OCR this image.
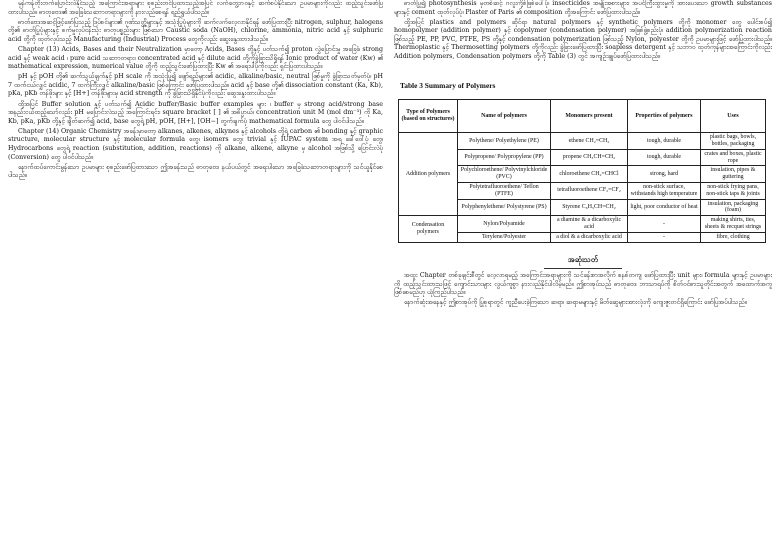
မှန်ကန်တိုးတက်ပြောင်းလဲနိုင်သည့် အကြောင်းအရာများ စုစည်းတင်ပြထားသည့်အပြင် လက်တွေ့ဘဝနှင့် ဆက်စပ်နိုင်သော ဥပမာများကိုလည်း ထည့်သွင်းဖော်ပြထားပါသည်။ ဓာတုဗေဒ၏ အခြေခံသဘောတရားများကို နားလည်စေရန် ရည်ရွယ်ပါသည်။

ဓာတ်ဗေဒအဆင့်ဖြင့်ဖော်ပြသည့် ဒြပ်စင်များ၏ ဂုဏ်သတ္တိများနှင့် အသုံးပြုပုံများကို ဆက်လက်လေ့လာနိုင်ရန် ဖော်ပြထားပြီး nitrogen, sulphur, halogens တို့၏ ဓာတ်ပြုပုံများနှင့် စက်မှုလုပ်ငန်းသုံး ဓာတုပစ္စည်းများ ဖြစ်သော Caustic soda (NaOH), chlorine, ammonia, nitric acid နှင့် sulphuric acid တို့ကို ထုတ်လုပ်သည့် Manufacturing (Industrial) Process တွေကိုလည်း ဆွေးနွေးထားပါသည်။

Chapter (13) Acids, Bases and their Neutralization မှာတော့ Acids, Bases တို့နှင့် ပတ်သက်၍ proton လွှဲပြောင်းမှု အခြေခံ strong acid နှင့် weak acid ၊ pure acid သဘောတရား၊ concentrated acid နှင့် dilute acid တို့ကိုခွဲခြားသိရှိရန် Ionic product of water (Kw) ၏ mathematical expression, numerical value တို့ကို ထည့်သွင်းဖော်ပြထားပြီး Kw ၏ အရေးပါပုံကိုလည်း ရှင်းပြထားပါသည်။

pH နှင့် pOH တို့၏ ဆက်သွယ်ချက်နှင့် pH scale ကို အသုံးပြု၍ ဖျော်ရည်များ၏ acidic, alkaline/basic, neutral ဖြစ်မှုကို ခွဲခြားသတ်မှတ်ပုံ၊ pH 7 ထက်ငယ်လျှင် acidic, 7 ထက်ကြီးလျှင် alkaline/basic ဖြစ်ကြောင်း ဖော်ပြထားပါသည်။ acid နှင့် base တို့၏ dissociation constant (Ka, Kb), pKa, pKb တန်ဖိုးများ နှင့် [H+] တန်ဖိုးများမှ acid strength ကို ခွဲခြားသိရှိနိုင်ပုံကိုလည်း ဆွေးနွေးထားပါသည်။

ထို့အပြင် Buffer solution နှင့် ပတ်သက်၍ Acidic buffer/Basic buffer examples များ ၊ buffer မှ strong acid/strong base အနည်းငယ်ထည့်သော်လည်း pH မပြောင်းလဲသည့် အကြောင်းရင်း၊ square bracket [ ] ၏ အဓိပ္ပာယ်၊ concentration unit M (mol dm⁻³) ကို Ka, Kb, pKa, pKb တို့နှင့် ချိတ်ဆက်၍ acid, base တွေရဲ့ pH, pOH, [H+], [OH−] တွက်ချက်ပုံ mathematical formula တွေ ပါဝင်ပါသည်။

Chapter (14) Organic Chemistry အခန်းမှာတော့ alkanes, alkenes, alkynes နှင့် alcohols တို့ရဲ့ carbon ၏ bonding နှင့် graphic structure, molecular structure နှင့် molecular formula တွေ၊ isomers တွေ၊ trivial နှင့် IUPAC system အရ ခေါ်ဝေါ်ပုံ တွေ၊ Hydrocarbons တွေရဲ့ reaction (substitution, addition, reactions) ကို alkane, alkene, alkyne မှ alcohol အဖြစ်သို့ ပြောင်းလဲပုံ (Conversion) တွေ ပါဝင်ပါသည်။

နောက်ထပ်ကောင်းမွန်သော ဥပမာများ စုစည်းဖော်ပြထားသော ဤအခန်းသည် ဓာတုဗေဒ နယ်ပယ်တွင် အရေးပါသော အခြေခံသဘောတရားများကို သင်ယူနိုင်စေပါသည်။

ဓာတ်ပြု၍ photosynthesis မှတစ်ဆင့် ဂလူးကို့စ်ဖြစ်ပေါ်ပုံ၊ insecticides အမျိုးအစားများ၊ အပင်ကြီးထွားမှုကို အားပေးသော growth substances များနှင့် cement ထုတ်လုပ်ပုံ၊ Plaster of Paris ၏ composition တို့အကြောင်း ဖော်ပြထားပါသည်။

ထို့အပြင် plastics and polymers ဆိုင်ရာ natural polymers နှင့် synthetic polymers တို့ကို monomer တွေ ပေါင်းစပ်၍ homopolymer (addition polymer) နှင့် copolymer (condensation polymer) အဖြစ်ဖွဲ့စည်းပုံ၊ addition polymerization reaction ဖြစ်သည့် PE, PP, PVC, PTFE, PS တို့နှင့် condensation polymerization ဖြစ်သည့် Nylon, polyester တို့ကို ဥပမာများဖြင့် ဖော်ပြထားပါသည်။ Thermoplastic နှင့် Thermosetting polymers တို့ကိုလည်း ခွဲခြားဖော်ပြထားပြီး soapless detergent နှင့် သဘာဝ ထုတ်ကုန်များအကြောင်းကိုလည်း Addition polymers, Condensation polymers တို့ကို Table (3) တွင် အကျဉ်းချုပ်ဖော်ပြထားပါသည်။

Table 3 Summary of Polymers
Type of Polymers (based on structures)	Name of polymers	Monomers present	Properties of polymers	Uses
Addition polymers	Polythene/ Polyethylene (PE)	ethene CH₂=CH₂	tough, durable	plastic bags, bowls, bottles, packaging
	Polypropene/ Polypropylene (PP)	propene CH₃CH=CH₂	tough, durable	crates and boxes, plastic rope
	Polychloroethene/ Polyvinylchloride (PVC)	chloroethene CH₂=CHCl	strong, hard	insulation, pipes & guttering
	Polytetrafluoroethene/ Teflon (PTFE)	tetrafluoroethene CF₂=CF₂	non-stick surface, withstands high temperature	non-stick frying pans, non-stick taps & joints
	Polyphenylethene/ Polystyrene (PS)	Styrene C₆H₅CH=CH₂	light, poor conductor of heat	insulation, packaging (foam)
Condensation polymers	Nylon/Polyamide	a diamine & a dicarboxylic acid	-	making shirts, ties, sheets & recquet strings
	Terylene/Polyester	a diol & a dicarboxylic acid	-	fibre, clothing
အဆုံးသတ်

အထူး Chapter တစ်ခုချင်းစီတွင် လေ့လာရမည့် အကြောင်းအရာများကို သင်ခန်းစာအလိုက် စနစ်တကျ ဖော်ပြထားပြီး unit များ၊ formula များနှင့် ဥပမာများကို ထည့်သွင်းထားသဖြင့် ကျောင်းသားများ လွယ်ကူစွာ နားလည်နိုင်ပါလိမ့်မည်။ ဤစာအုပ်သည် ဓာတုဗေဒ ဘာသာရပ်ကို စိတ်ဝင်စားသူတိုင်းအတွက် အထောက်အကူ ဖြစ်စေမည်ဟု ယုံကြည်ပါသည်။

နောက်ဆုံးအနေနှင့် ဤစာအုပ်ကို ပြုစုရာတွင် ကူညီပေးခဲ့ကြသော ဆရာ၊ ဆရာမများနှင့် မိတ်ဆွေများအားလုံးကို ကျေးဇူးတင်ရှိကြောင်း ဖော်ပြအပ်ပါသည်။
